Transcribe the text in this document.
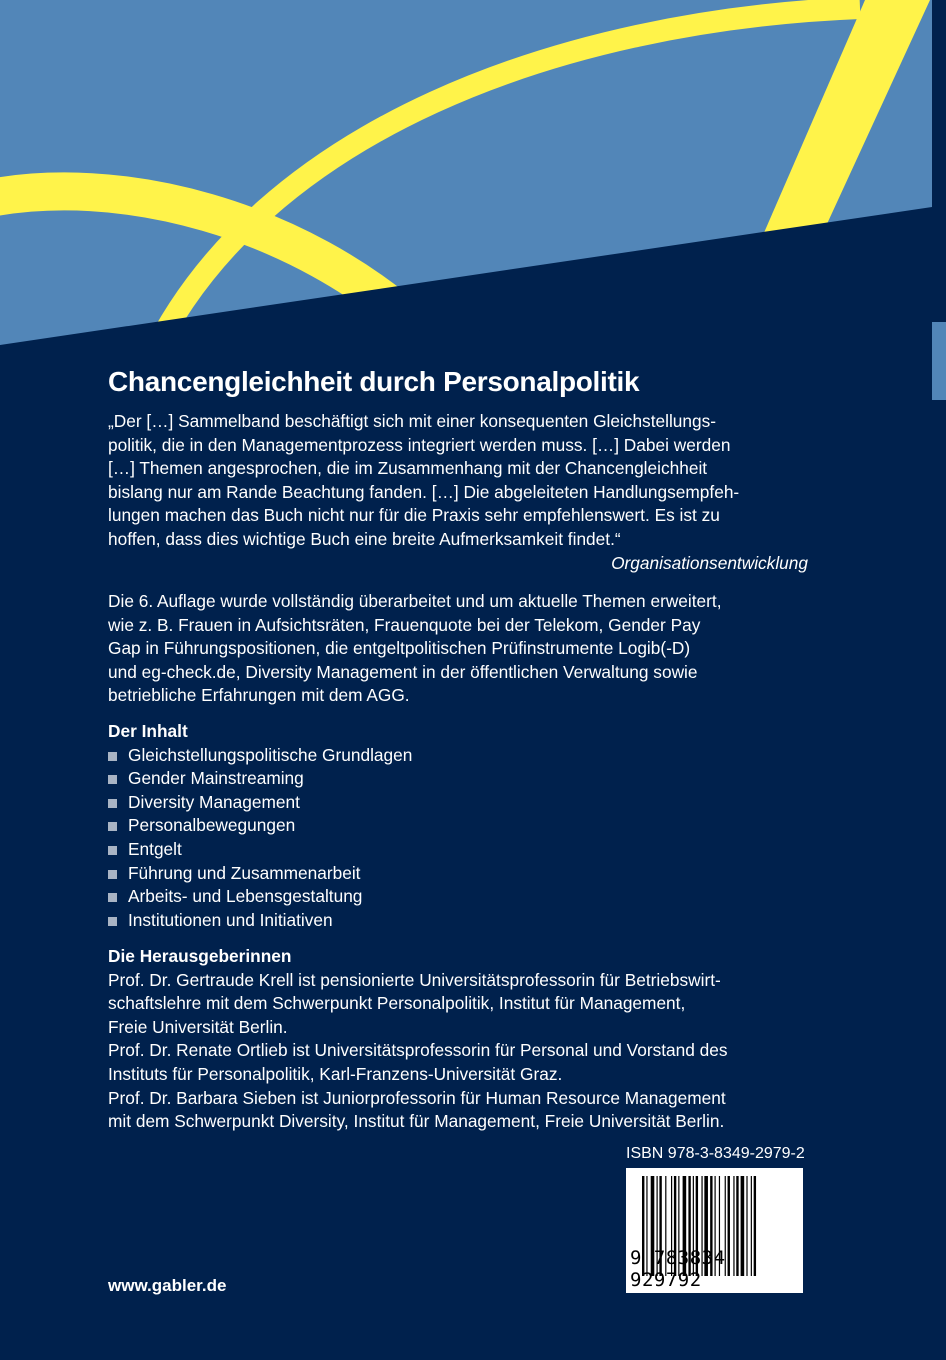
Chancengleichheit durch Personalpolitik
„Der […] Sammelband beschäftigt sich mit einer konsequenten Gleichstellungs-
politik, die in den Managementprozess integriert werden muss. […] Dabei werden
[…] Themen angesprochen, die im Zusammenhang mit der Chancengleichheit
bislang nur am Rande Beachtung fanden. […] Die abgeleiteten Handlungsempfeh-
lungen machen das Buch nicht nur für die Praxis sehr empfehlenswert. Es ist zu
hoffen, dass dies wichtige Buch eine breite Aufmerksamkeit findet.“
Organisationsentwicklung
Die 6. Auflage wurde vollständig überarbeitet und um aktuelle Themen erweitert,
wie z. B. Frauen in Aufsichtsräten, Frauenquote bei der Telekom, Gender Pay
Gap in Führungspositionen, die entgeltpolitischen Prüfinstrumente Logib(-D)
und eg-check.de, Diversity Management in der öffentlichen Verwaltung sowie
betriebliche Erfahrungen mit dem AGG.
Der Inhalt
Gleichstellungspolitische Grundlagen
Gender Mainstreaming
Diversity Management
Personalbewegungen
Entgelt
Führung und Zusammenarbeit
Arbeits- und Lebensgestaltung
Institutionen und Initiativen
Die Herausgeberinnen
Prof. Dr. Gertraude Krell ist pensionierte Universitätsprofessorin für Betriebswirt-
schaftslehre mit dem Schwerpunkt Personalpolitik, Institut für Management,
Freie Universität Berlin.
Prof. Dr. Renate Ortlieb ist Universitätsprofessorin für Personal und Vorstand des
Instituts für Personalpolitik, Karl-Franzens-Universität Graz.
Prof. Dr. Barbara Sieben ist Juniorprofessorin für Human Resource Management
mit dem Schwerpunkt Diversity, Institut für Management, Freie Universität Berlin.
ISBN 978-3-8349-2979-2
9 783834 929792
www.gabler.de
